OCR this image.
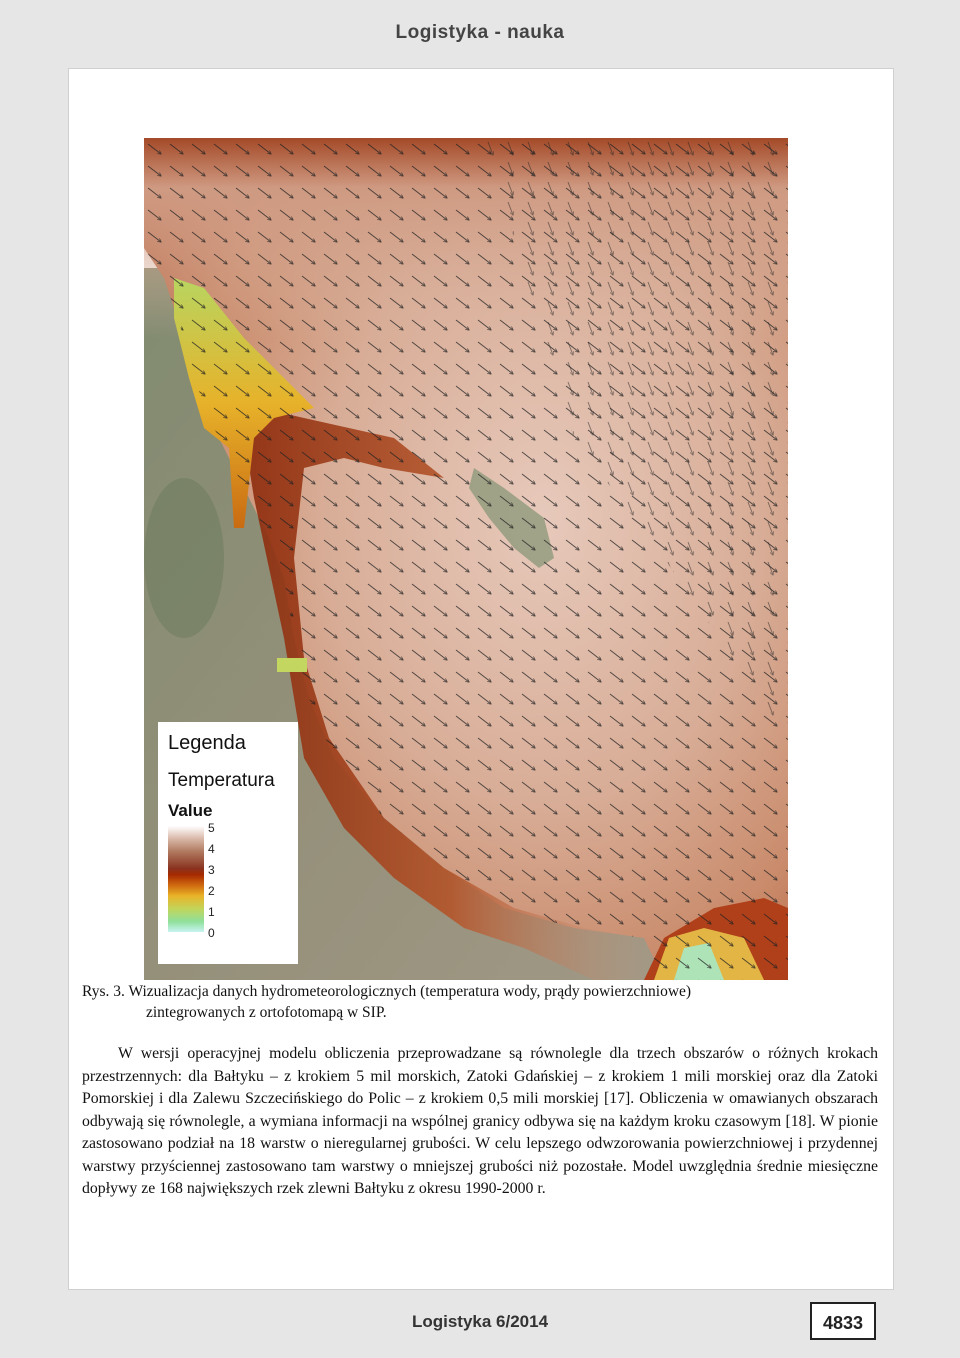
Logistyka - nauka
Legenda
Temperatura
Value
5
4
3
2
1
0
Rys. 3. Wizualizacja danych hydrometeorologicznych (temperatura wody, prądy powierzchniowe)
zintegrowanych z ortofotomapą w SIP.
W wersji operacyjnej modelu obliczenia przeprowadzane są równolegle dla trzech obszarów o różnych krokach przestrzennych: dla Bałtyku – z krokiem 5 mil morskich, Zatoki Gdańskiej – z krokiem 1 mili morskiej oraz dla Zatoki Pomorskiej i dla Zalewu Szczecińskiego do Polic – z krokiem 0,5 mili morskiej [17]. Obliczenia w omawianych obszarach odbywają się równolegle, a wymiana informacji na wspólnej granicy odbywa się na każdym kroku czasowym [18]. W pionie zastosowano podział na 18 warstw o nieregularnej grubości. W celu lepszego odwzorowania powierzchniowej i przydennej warstwy przyściennej zastosowano tam warstwy o mniejszej grubości niż pozostałe. Model uwzględnia średnie miesięczne dopływy ze 168 największych rzek zlewni Bałtyku z okresu 1990-2000 r.
Logistyka 6/2014	4833
